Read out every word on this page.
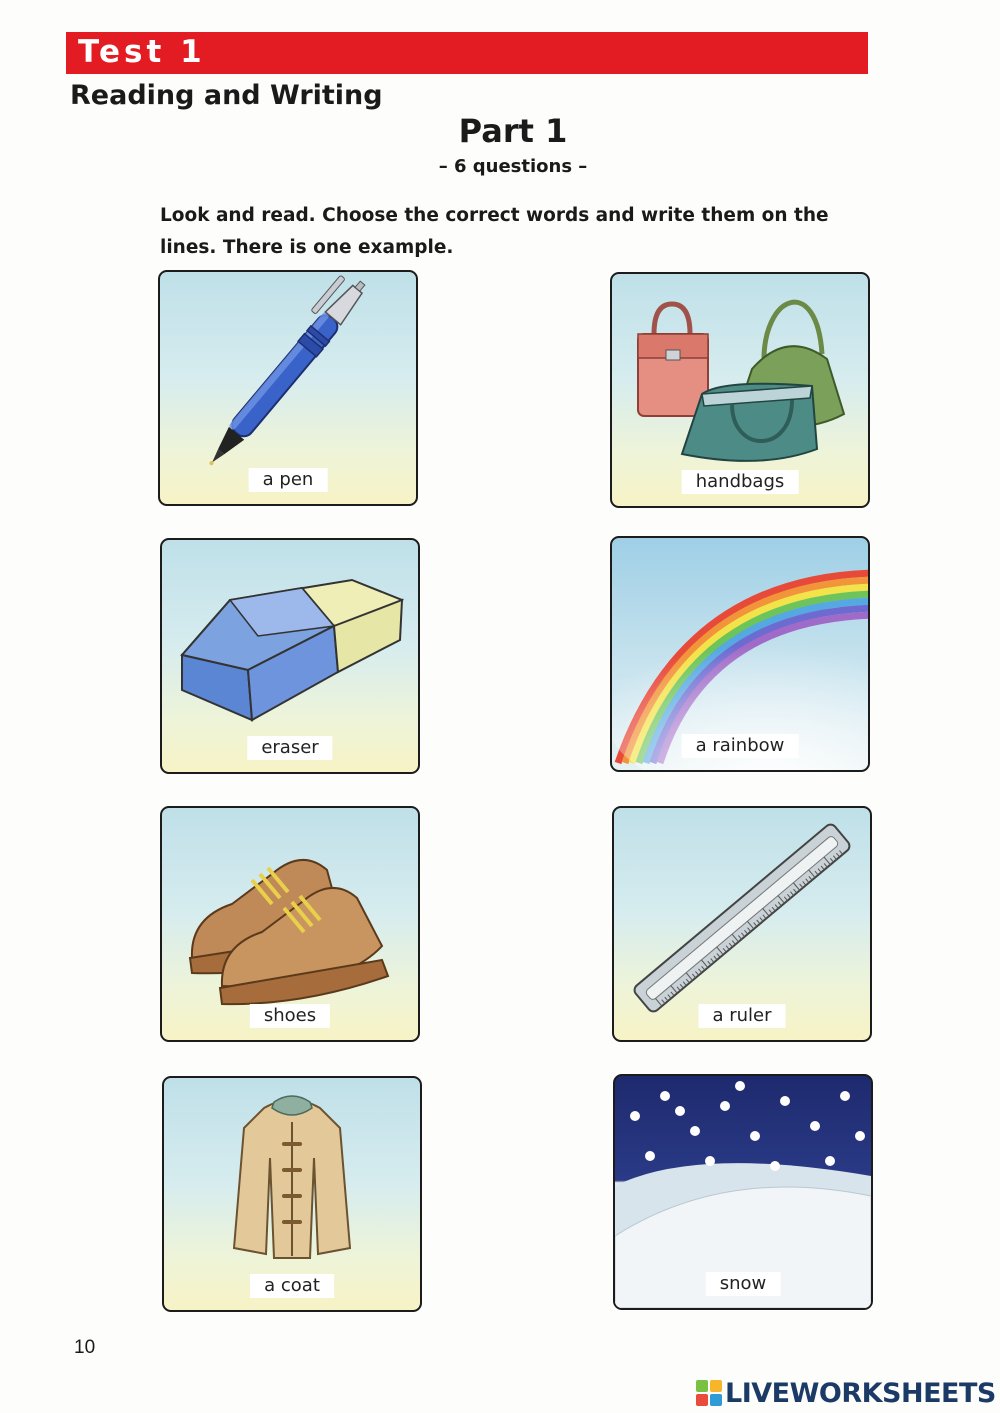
Test 1
Reading and Writing
Part 1
– 6 questions –
Look and read. Choose the correct words and write them on the lines. There is one example.
a pen	handbags
eraser	a rainbow
shoes	a ruler
a coat	snow
10
LIVEWORKSHEETS
